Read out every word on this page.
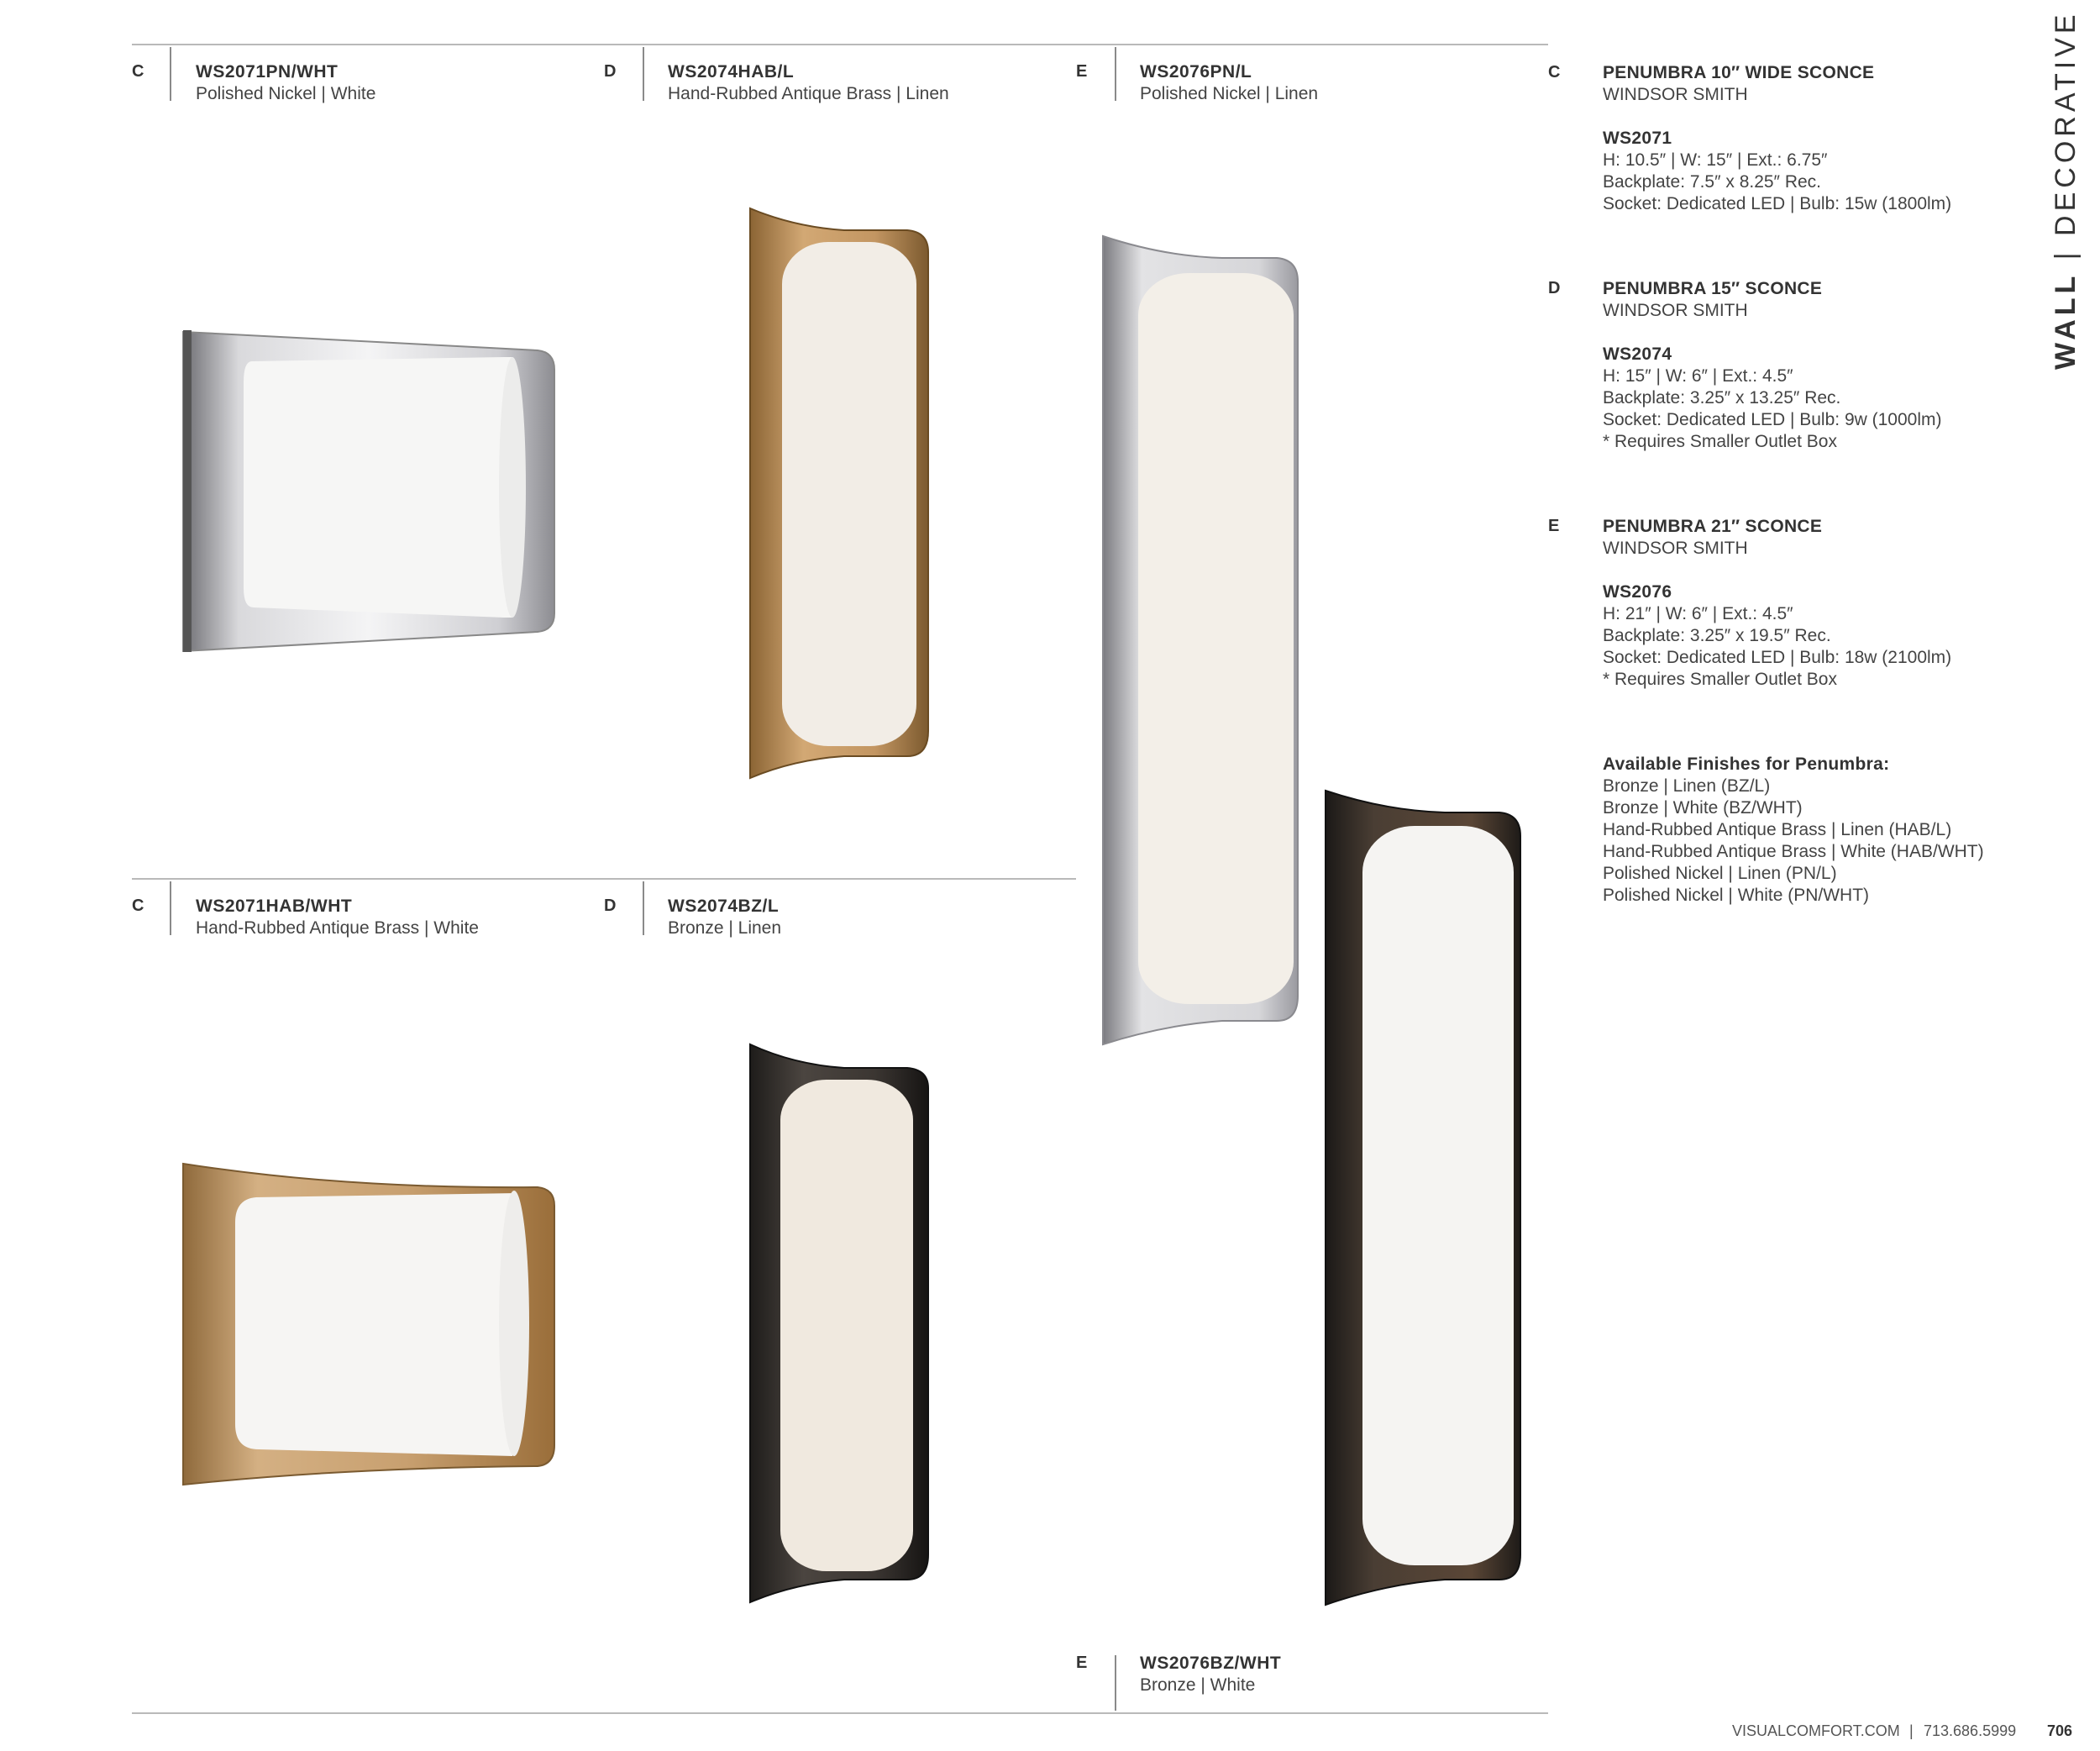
C	WS2071PN/WHT
Polished Nickel | White
D	WS2074HAB/L
Hand-Rubbed Antique Brass | Linen
E	WS2076PN/L
Polished Nickel | Linen
C	WS2071HAB/WHT
Hand-Rubbed Antique Brass | White
D	WS2074BZ/L
Bronze | Linen
E	WS2076BZ/WHT
Bronze | White
C PENUMBRA 10″ WIDE SCONCE
WINDSOR SMITH
WS2071
H: 10.5″ | W: 15″ | Ext.: 6.75″
Backplate: 7.5″ x 8.25″ Rec.
Socket: Dedicated LED | Bulb: 15w (1800lm)
D PENUMBRA 15″ SCONCE
WINDSOR SMITH
WS2074
H: 15″ | W: 6″ | Ext.: 4.5″
Backplate: 3.25″ x 13.25″ Rec.
Socket: Dedicated LED | Bulb: 9w (1000lm)
* Requires Smaller Outlet Box
E PENUMBRA 21″ SCONCE
WINDSOR SMITH
WS2076
H: 21″ | W: 6″ | Ext.: 4.5″
Backplate: 3.25″ x 19.5″ Rec.
Socket: Dedicated LED | Bulb: 18w (2100lm)
* Requires Smaller Outlet Box
Available Finishes for Penumbra:
Bronze | Linen (BZ/L)
Bronze | White (BZ/WHT)
Hand-Rubbed Antique Brass | Linen (HAB/L)
Hand-Rubbed Antique Brass | White (HAB/WHT)
Polished Nickel | Linen (PN/L)
Polished Nickel | White (PN/WHT)
WALL | DECORATIVE
VISUALCOMFORT.COM | 713.686.5999 706
